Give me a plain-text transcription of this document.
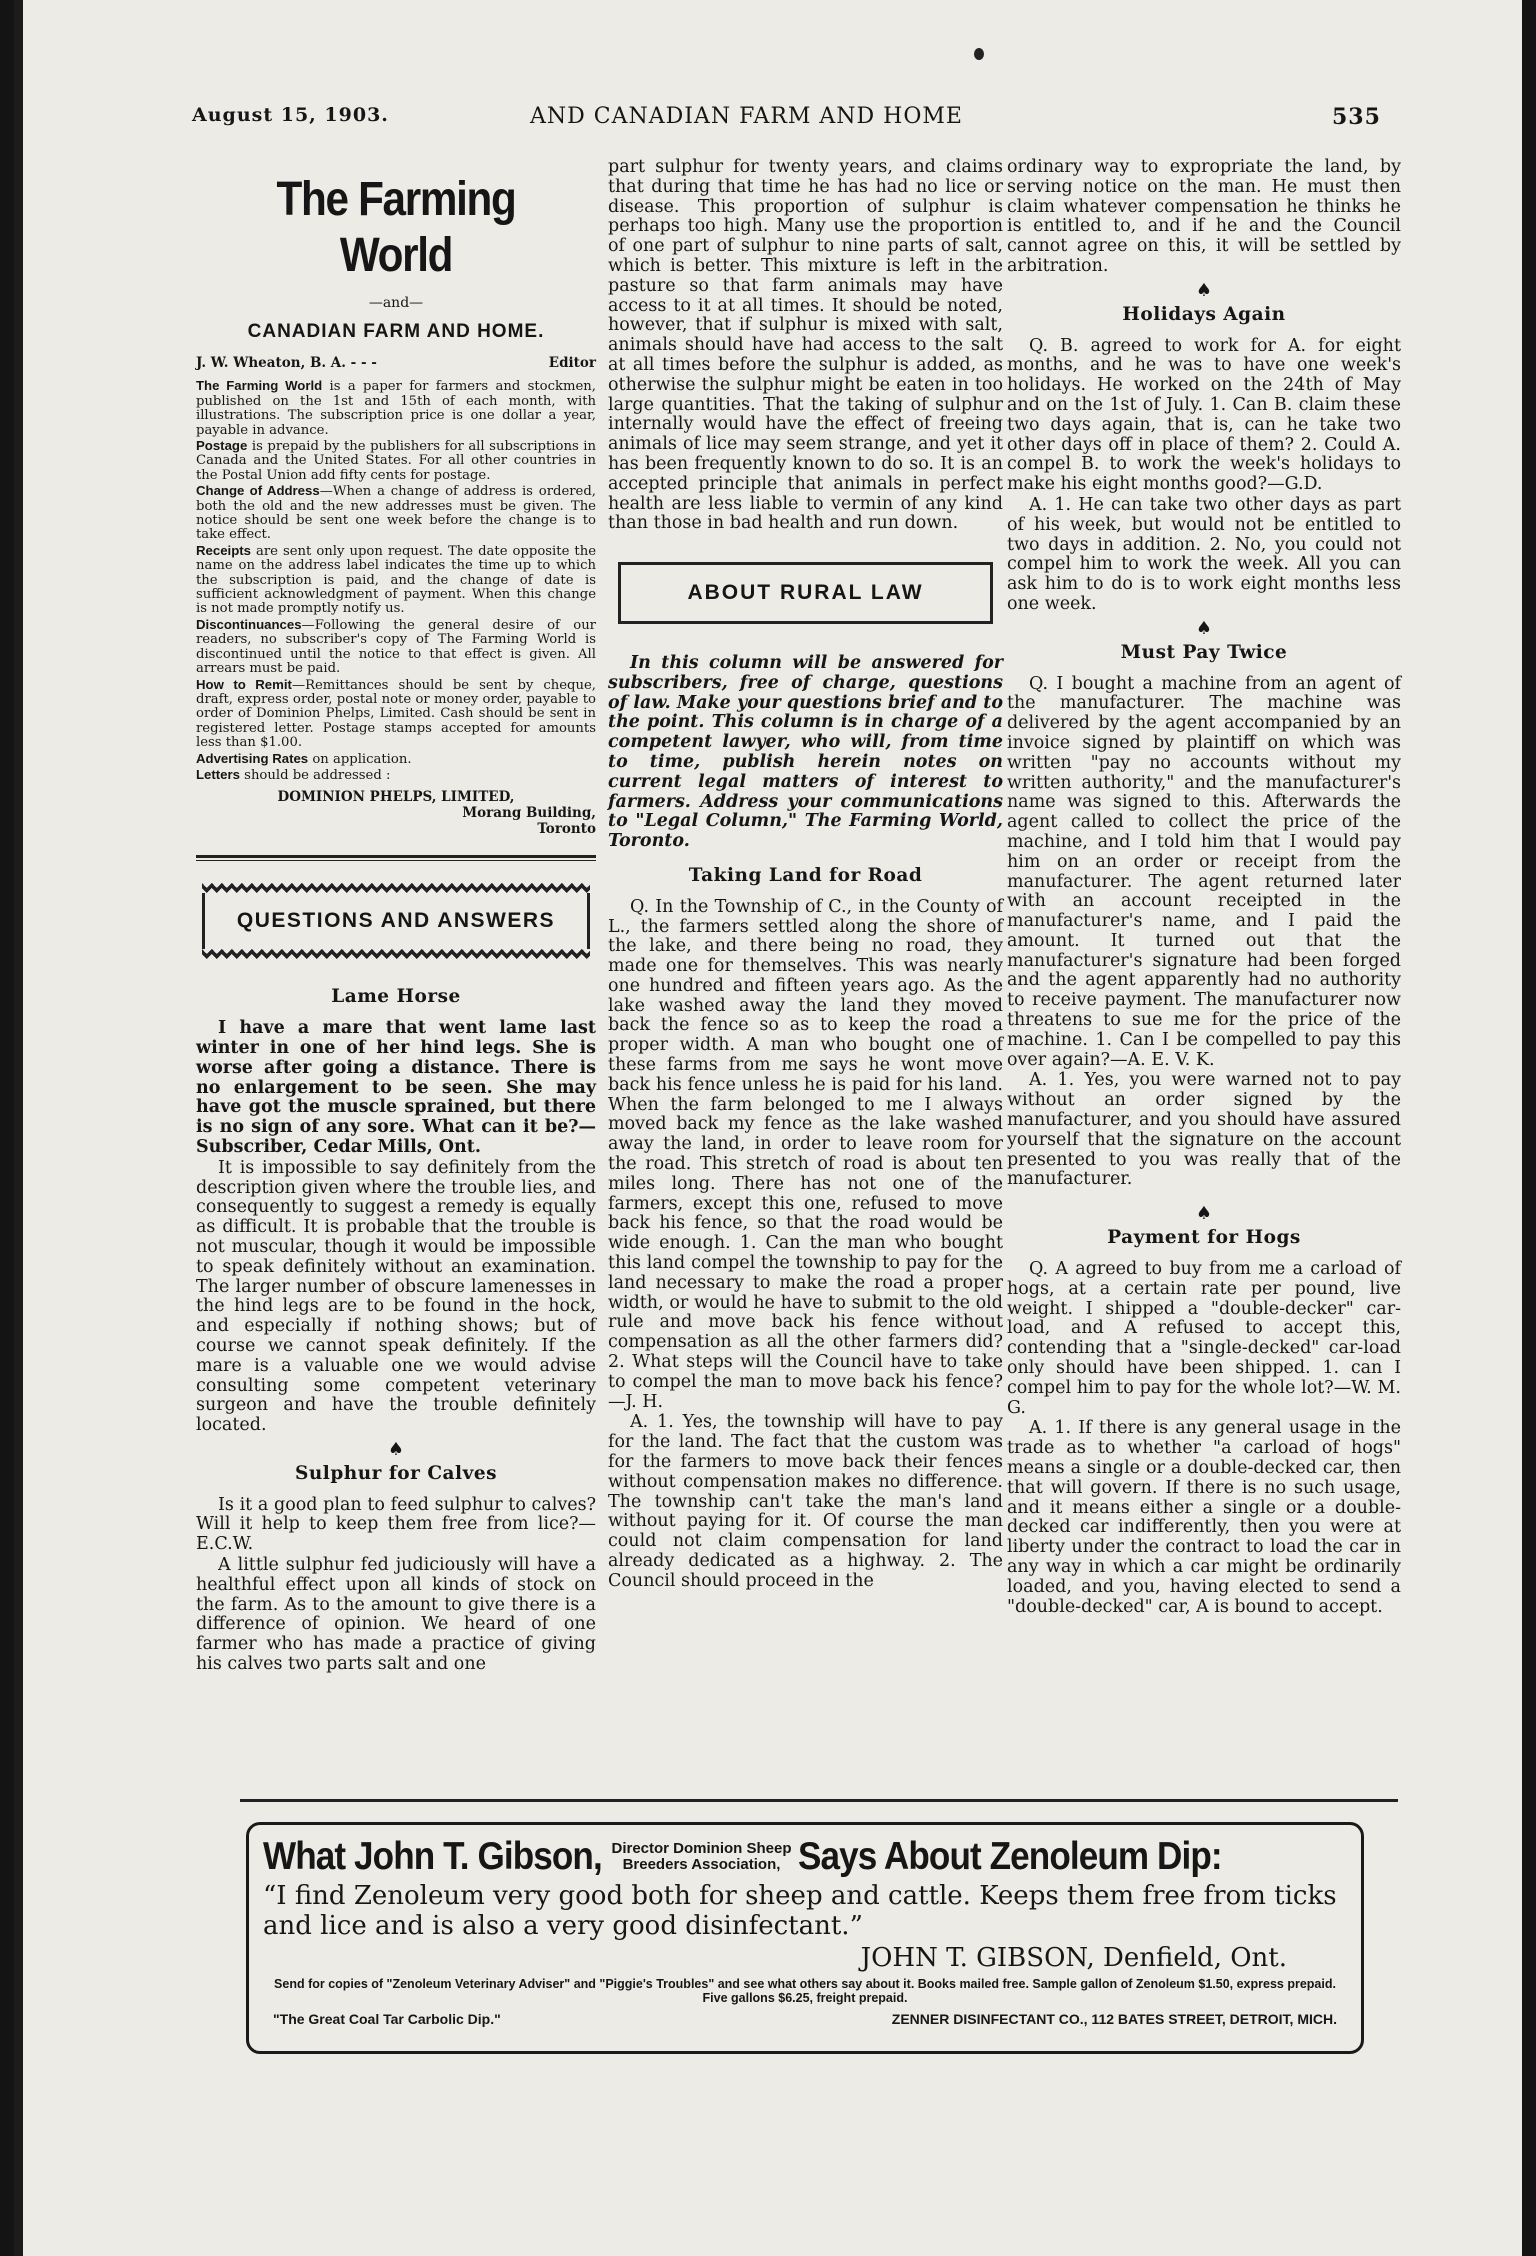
August 15, 1903.	AND CANADIAN FARM AND HOME	535
The Farming World
—and—
CANADIAN FARM AND HOME.
J. W. Wheaton, B. A. - - -	Editor

The Farming World is a paper for farmers and stockmen, published on the 1st and 15th of each month, with illustrations. The subscription price is one dollar a year, payable in advance.

Postage is prepaid by the publishers for all subscriptions in Canada and the United States. For all other countries in the Postal Union add fifty cents for postage.

Change of Address—When a change of address is ordered, both the old and the new addresses must be given. The notice should be sent one week before the change is to take effect.

Receipts are sent only upon request. The date opposite the name on the address label indicates the time up to which the subscription is paid, and the change of date is sufficient acknowledgment of payment. When this change is not made promptly notify us.

Discontinuances—Following the general desire of our readers, no subscriber's copy of The Farming World is discontinued until the notice to that effect is given. All arrears must be paid.

How to Remit—Remittances should be sent by cheque, draft, express order, postal note or money order, payable to order of Dominion Phelps, Limited. Cash should be sent in registered letter. Postage stamps accepted for amounts less than $1.00.

Advertising Rates on application.

Letters should be addressed :

DOMINION PHELPS, LIMITED,
Morang Building,
Toronto
QUESTIONS AND ANSWERS
Lame Horse

I have a mare that went lame last winter in one of her hind legs. She is worse after going a distance. There is no enlargement to be seen. She may have got the muscle sprained, but there is no sign of any sore. What can it be?—Subscriber, Cedar Mills, Ont.

It is impossible to say definitely from the description given where the trouble lies, and consequently to suggest a remedy is equally as difficult. It is probable that the trouble is not muscular, though it would be impossible to speak definitely without an examination. The larger number of obscure lamenesses in the hind legs are to be found in the hock, and especially if nothing shows; but of course we cannot speak definitely. If the mare is a valuable one we would advise consulting some competent veterinary surgeon and have the trouble definitely located.

♠
Sulphur for Calves

Is it a good plan to feed sulphur to calves? Will it help to keep them free from lice?—E.C.W.

A little sulphur fed judiciously will have a healthful effect upon all kinds of stock on the farm. As to the amount to give there is a difference of opinion. We heard of one farmer who has made a practice of giving his calves two parts salt and one

part sulphur for twenty years, and claims that during that time he has had no lice or disease. This proportion of sulphur is perhaps too high. Many use the proportion of one part of sulphur to nine parts of salt, which is better. This mixture is left in the pasture so that farm animals may have access to it at all times. It should be noted, however, that if sulphur is mixed with salt, animals should have had access to the salt at all times before the sulphur is added, as otherwise the sulphur might be eaten in too large quantities. That the taking of sulphur internally would have the effect of freeing animals of lice may seem strange, and yet it has been frequently known to do so. It is an accepted principle that animals in perfect health are less liable to vermin of any kind than those in bad health and run down.

ABOUT RURAL LAW

In this column will be answered for subscribers, free of charge, questions of law. Make your questions brief and to the point. This column is in charge of a competent lawyer, who will, from time to time, publish herein notes on current legal matters of interest to farmers. Address your communications to "Legal Column," The Farming World, Toronto.

Taking Land for Road

Q. In the Township of C., in the County of L., the farmers settled along the shore of the lake, and there being no road, they made one for themselves. This was nearly one hundred and fifteen years ago. As the lake washed away the land they moved back the fence so as to keep the road a proper width. A man who bought one of these farms from me says he wont move back his fence unless he is paid for his land. When the farm belonged to me I always moved back my fence as the lake washed away the land, in order to leave room for the road. This stretch of road is about ten miles long. There has not one of the farmers, except this one, refused to move back his fence, so that the road would be wide enough. 1. Can the man who bought this land compel the township to pay for the land necessary to make the road a proper width, or would he have to submit to the old rule and move back his fence without compensation as all the other farmers did? 2. What steps will the Council have to take to compel the man to move back his fence?—J. H.

A. 1. Yes, the township will have to pay for the land. The fact that the custom was for the farmers to move back their fences without compensation makes no difference. The township can't take the man's land without paying for it. Of course the man could not claim compensation for land already dedicated as a highway. 2. The Council should proceed in the

ordinary way to expropriate the land, by serving notice on the man. He must then claim whatever compensation he thinks he is entitled to, and if he and the Council cannot agree on this, it will be settled by arbitration.

♠
Holidays Again

Q. B. agreed to work for A. for eight months, and he was to have one week's holidays. He worked on the 24th of May and on the 1st of July. 1. Can B. claim these two days again, that is, can he take two other days off in place of them? 2. Could A. compel B. to work the week's holidays to make his eight months good?—G.D.

A. 1. He can take two other days as part of his week, but would not be entitled to two days in addition. 2. No, you could not compel him to work the week. All you can ask him to do is to work eight months less one week.

♠
Must Pay Twice

Q. I bought a machine from an agent of the manufacturer. The machine was delivered by the agent accompanied by an invoice signed by plaintiff on which was written "pay no accounts without my written authority," and the manufacturer's name was signed to this. Afterwards the agent called to collect the price of the machine, and I told him that I would pay him on an order or receipt from the manufacturer. The agent returned later with an account receipted in the manufacturer's name, and I paid the amount. It turned out that the manufacturer's signature had been forged and the agent apparently had no authority to receive payment. The manufacturer now threatens to sue me for the price of the machine. 1. Can I be compelled to pay this over again?—A. E. V. K.

A. 1. Yes, you were warned not to pay without an order signed by the manufacturer, and you should have assured yourself that the signature on the account presented to you was really that of the manufacturer.

♠
Payment for Hogs

Q. A agreed to buy from me a carload of hogs, at a certain rate per pound, live weight. I shipped a "double-decker" car-load, and A refused to accept this, contending that a "single-decked" car-load only should have been shipped. 1. can I compel him to pay for the whole lot?—W. M. G.

A. 1. If there is any general usage in the trade as to whether "a carload of hogs" means a single or a double-decked car, then that will govern. If there is no such usage, and it means either a single or a double-decked car indifferently, then you were at liberty under the contract to load the car in any way in which a car might be ordinarily loaded, and you, having elected to send a "double-decked" car, A is bound to accept.

What John T. Gibson, Director Dominion Sheep
Breeders Association, Says About Zenoleum Dip:
“I find Zenoleum very good both for sheep and cattle. Keeps them free from ticks and lice and is also a very good disinfectant.”
JOHN T. GIBSON, Denfield, Ont.
Send for copies of "Zenoleum Veterinary Adviser" and "Piggie's Troubles" and see what others say about it. Books mailed free. Sample gallon of Zenoleum $1.50, express prepaid. Five gallons $6.25, freight prepaid.
"The Great Coal Tar Carbolic Dip."	ZENNER DISINFECTANT CO., 112 BATES STREET, DETROIT, MICH.
